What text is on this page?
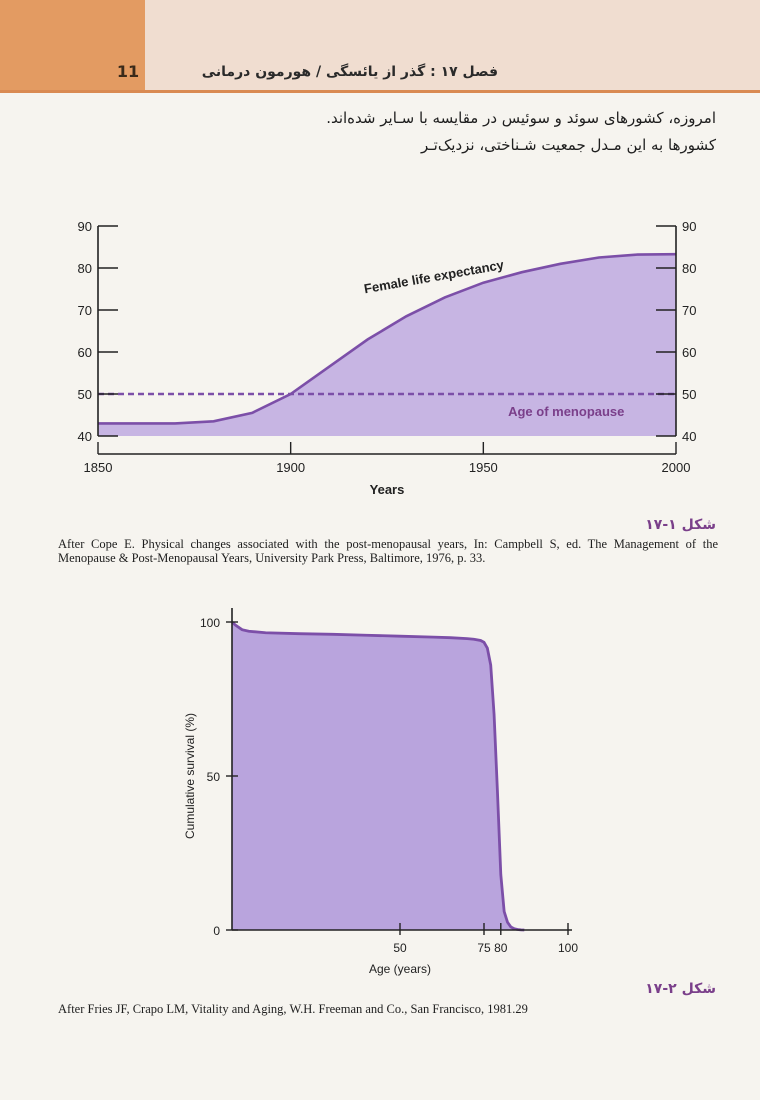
11	فصل ۱۷ : گذر از یائسگی / هورمون درمانی
امروزه، کشورهای سوئد و سوئیس در مقایسه با سـایر شده‌اند.
کشورها به این مـدل جمعیت شـناختی، نزدیک‌تـر
40	40
50	50
60	60
70	70
80	80
90	90
1850	1900	1950	2000
Years
Female life expectancy
Age of menopause
شکل ۱-۱۷
After Cope E. Physical changes associated with the post-menopausal years, In: Campbell S, ed. The Management of the Menopause & Post-Menopausal Years, University Park Press, Baltimore, 1976, p. 33.
0
50
100
50	75 80	100
Age (years)
Cumulative survival (%)
شکل ۲-۱۷
After Fries JF, Crapo LM, Vitality and Aging, W.H. Freeman and Co., San Francisco, 1981.29
